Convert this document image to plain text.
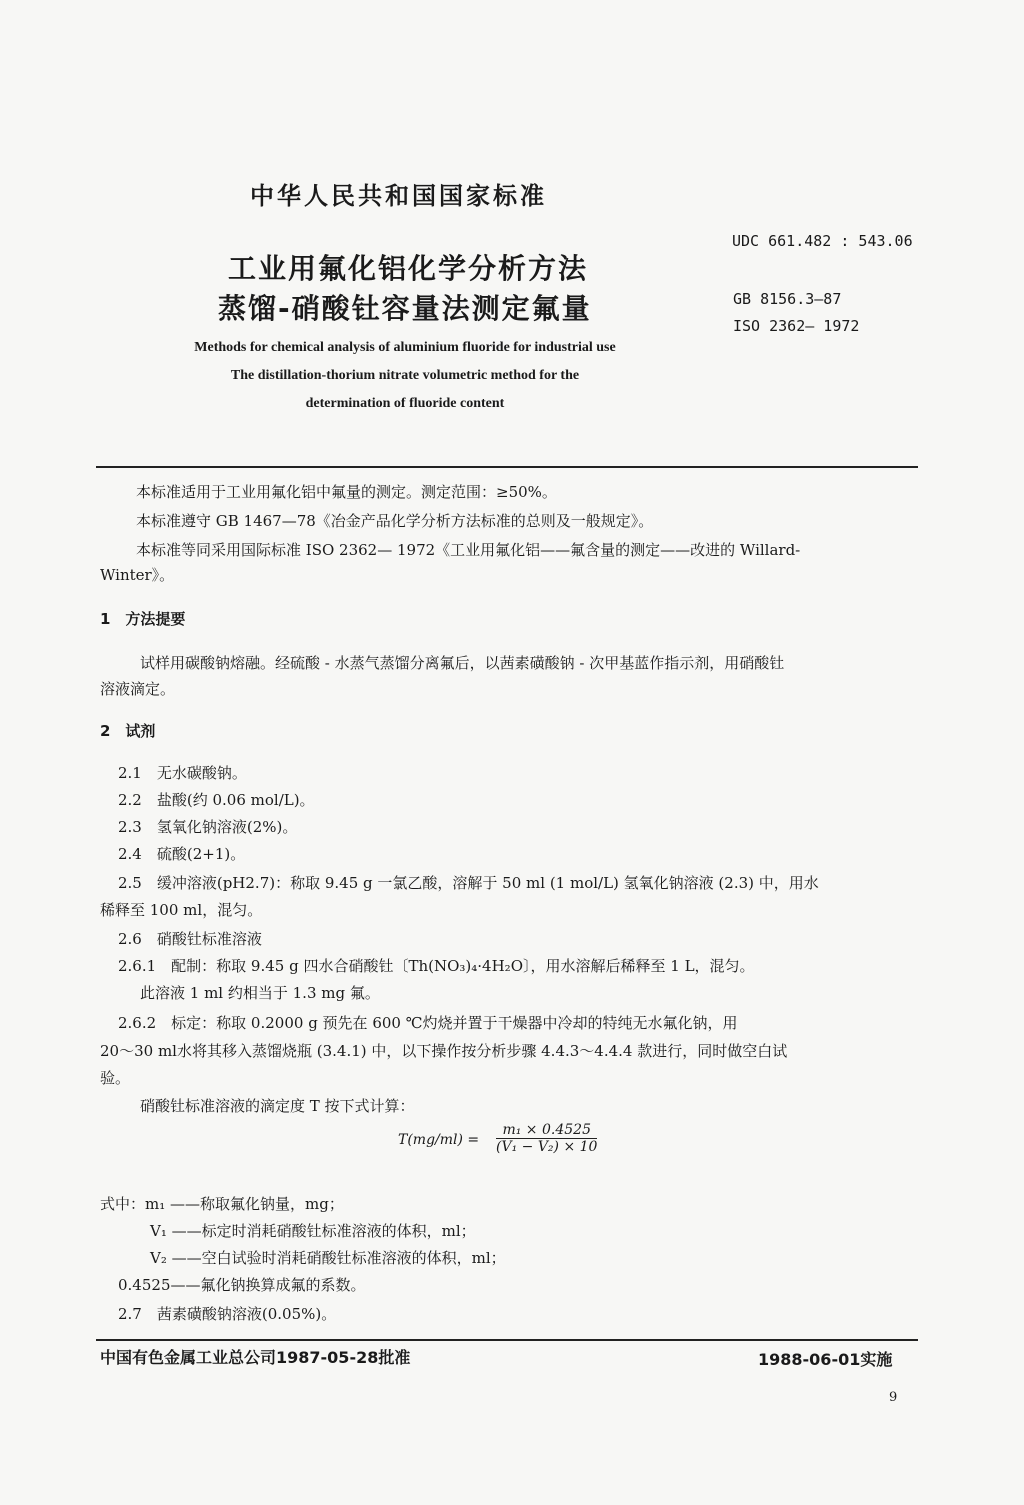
中华人民共和国国家标准
工业用氟化铝化学分析方法
蒸馏-硝酸钍容量法测定氟量
UDC 661.482 : 543.06
GB 8156.3—87
ISO 2362— 1972
Methods for chemical analysis of aluminium fluoride for industrial use
The distillation-thorium nitrate volumetric method for the
determination of fluoride content
本标准适用于工业用氟化铝中氟量的测定。测定范围：≥50%。
本标准遵守 GB 1467—78《冶金产品化学分析方法标准的总则及一般规定》。
本标准等同采用国际标准 ISO 2362— 1972《工业用氟化铝——氟含量的测定——改进的 Willard-
Winter》。
1　方法提要
试样用碳酸钠熔融。经硫酸 - 水蒸气蒸馏分离氟后，以茜素磺酸钠 - 次甲基蓝作指示剂，用硝酸钍
溶液滴定。
2　试剂
2.1　无水碳酸钠。
2.2　盐酸(约 0.06 mol/L)。
2.3　氢氧化钠溶液(2%)。
2.4　硫酸(2+1)。
2.5　缓冲溶液(pH2.7)：称取 9.45 g 一氯乙酸，溶解于 50 ml (1 mol/L) 氢氧化钠溶液 (2.3) 中，用水
稀释至 100 ml，混匀。
2.6　硝酸钍标准溶液
2.6.1　配制：称取 9.45 g 四水合硝酸钍〔Th(NO₃)₄·4H₂O〕，用水溶解后稀释至 1 L，混匀。
此溶液 1 ml 约相当于 1.3 mg 氟。
2.6.2　标定：称取 0.2000 g 预先在 600 ℃灼烧并置于干燥器中冷却的特纯无水氟化钠，用
20～30 ml水将其移入蒸馏烧瓶 (3.4.1) 中，以下操作按分析步骤 4.4.3～4.4.4 款进行，同时做空白试
验。
硝酸钍标准溶液的滴定度 T 按下式计算：
$T(mg/ml) = \frac{\text{m₁ × 0.4525}}{\text{(V₁ − V₂) × 10}}$
式中：m₁ ——称取氟化钠量，mg；
V₁ ——标定时消耗硝酸钍标准溶液的体积，ml；
V₂ ——空白试验时消耗硝酸钍标准溶液的体积，ml；
0.4525——氟化钠换算成氟的系数。
2.7　茜素磺酸钠溶液(0.05%)。
中国有色金属工业总公司1987-05-28批准	1988-06-01实施
9
